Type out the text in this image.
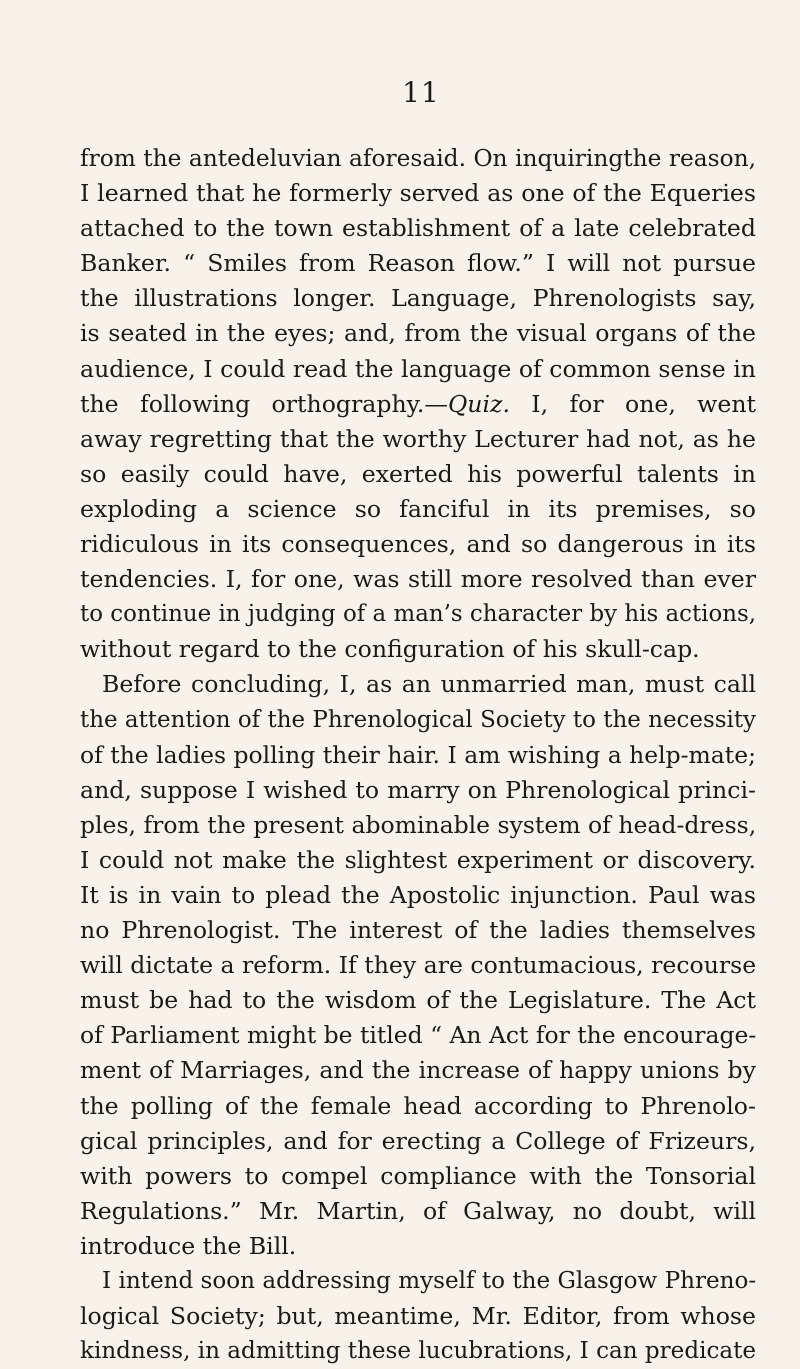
11
from the antedeluvian aforesaid. On inquiringthe reason,
I learned that he formerly served as one of the Equeries
attached to the town establishment of a late celebrated
Banker. “ Smiles from Reason flow.” I will not pursue
the illustrations longer. Language, Phrenologists say,
is seated in the eyes; and, from the visual organs of the
audience, I could read the language of common sense in
the following orthography.—Quiz. I, for one, went
away regretting that the worthy Lecturer had not, as he
so easily could have, exerted his powerful talents in
exploding a science so fanciful in its premises, so
ridiculous in its consequences, and so dangerous in its
tendencies. I, for one, was still more resolved than ever
to continue in judging of a man’s character by his actions,
without regard to the configuration of his skull-cap.
Before concluding, I, as an unmarried man, must call
the attention of the Phrenological Society to the necessity
of the ladies polling their hair. I am wishing a help-mate;
and, suppose I wished to marry on Phrenological princi-
ples, from the present abominable system of head-dress,
I could not make the slightest experiment or discovery.
It is in vain to plead the Apostolic injunction. Paul was
no Phrenologist. The interest of the ladies themselves
will dictate a reform. If they are contumacious, recourse
must be had to the wisdom of the Legislature. The Act
of Parliament might be titled “ An Act for the encourage-
ment of Marriages, and the increase of happy unions by
the polling of the female head according to Phrenolo-
gical principles, and for erecting a College of Frizeurs,
with powers to compel compliance with the Tonsorial
Regulations.” Mr. Martin, of Galway, no doubt, will
introduce the Bill.
I intend soon addressing myself to the Glasgow Phreno-
logical Society; but, meantime, Mr. Editor, from whose
kindness, in admitting these lucubrations, I can predicate
